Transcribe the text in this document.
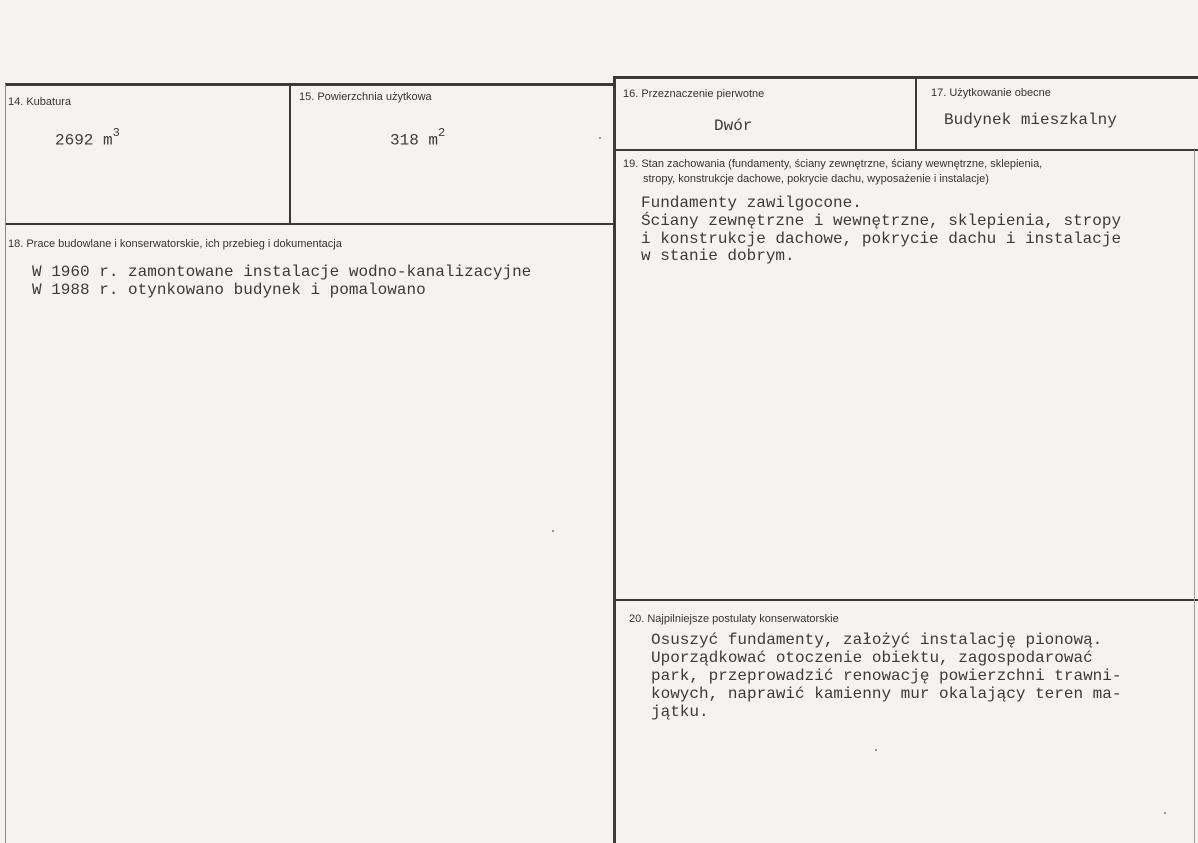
14. Kubatura
2692 $m^3$
15. Powierzchnia użytkowa
318 $m^2$
16. Przeznaczenie pierwotne
Dwór
17. Użytkowanie obecne
Budynek mieszkalny
18. Prace budowlane i konserwatorskie, ich przebieg i dokumentacja
W 1960 r. zamontowane instalacje wodno-kanalizacyjne
W 1988 r. otynkowano budynek i pomalowano
19. Stan zachowania (fundamenty, ściany zewnętrzne, ściany wewnętrzne, sklepienia,
stropy, konstrukcje dachowe, pokrycie dachu, wyposażenie i instalacje)
Fundamenty zawilgocone.
Ściany zewnętrzne i wewnętrzne, sklepienia, stropy
i konstrukcje dachowe, pokrycie dachu i instalacje
w stanie dobrym.
20. Najpilniejsze postulaty konserwatorskie
Osuszyć fundamenty, założyć instalację pionową.
Uporządkować otoczenie obiektu, zagospodarować
park, przeprowadzić renowację powierzchni trawni-
kowych, naprawić kamienny mur okalający teren ma-
jątku.
